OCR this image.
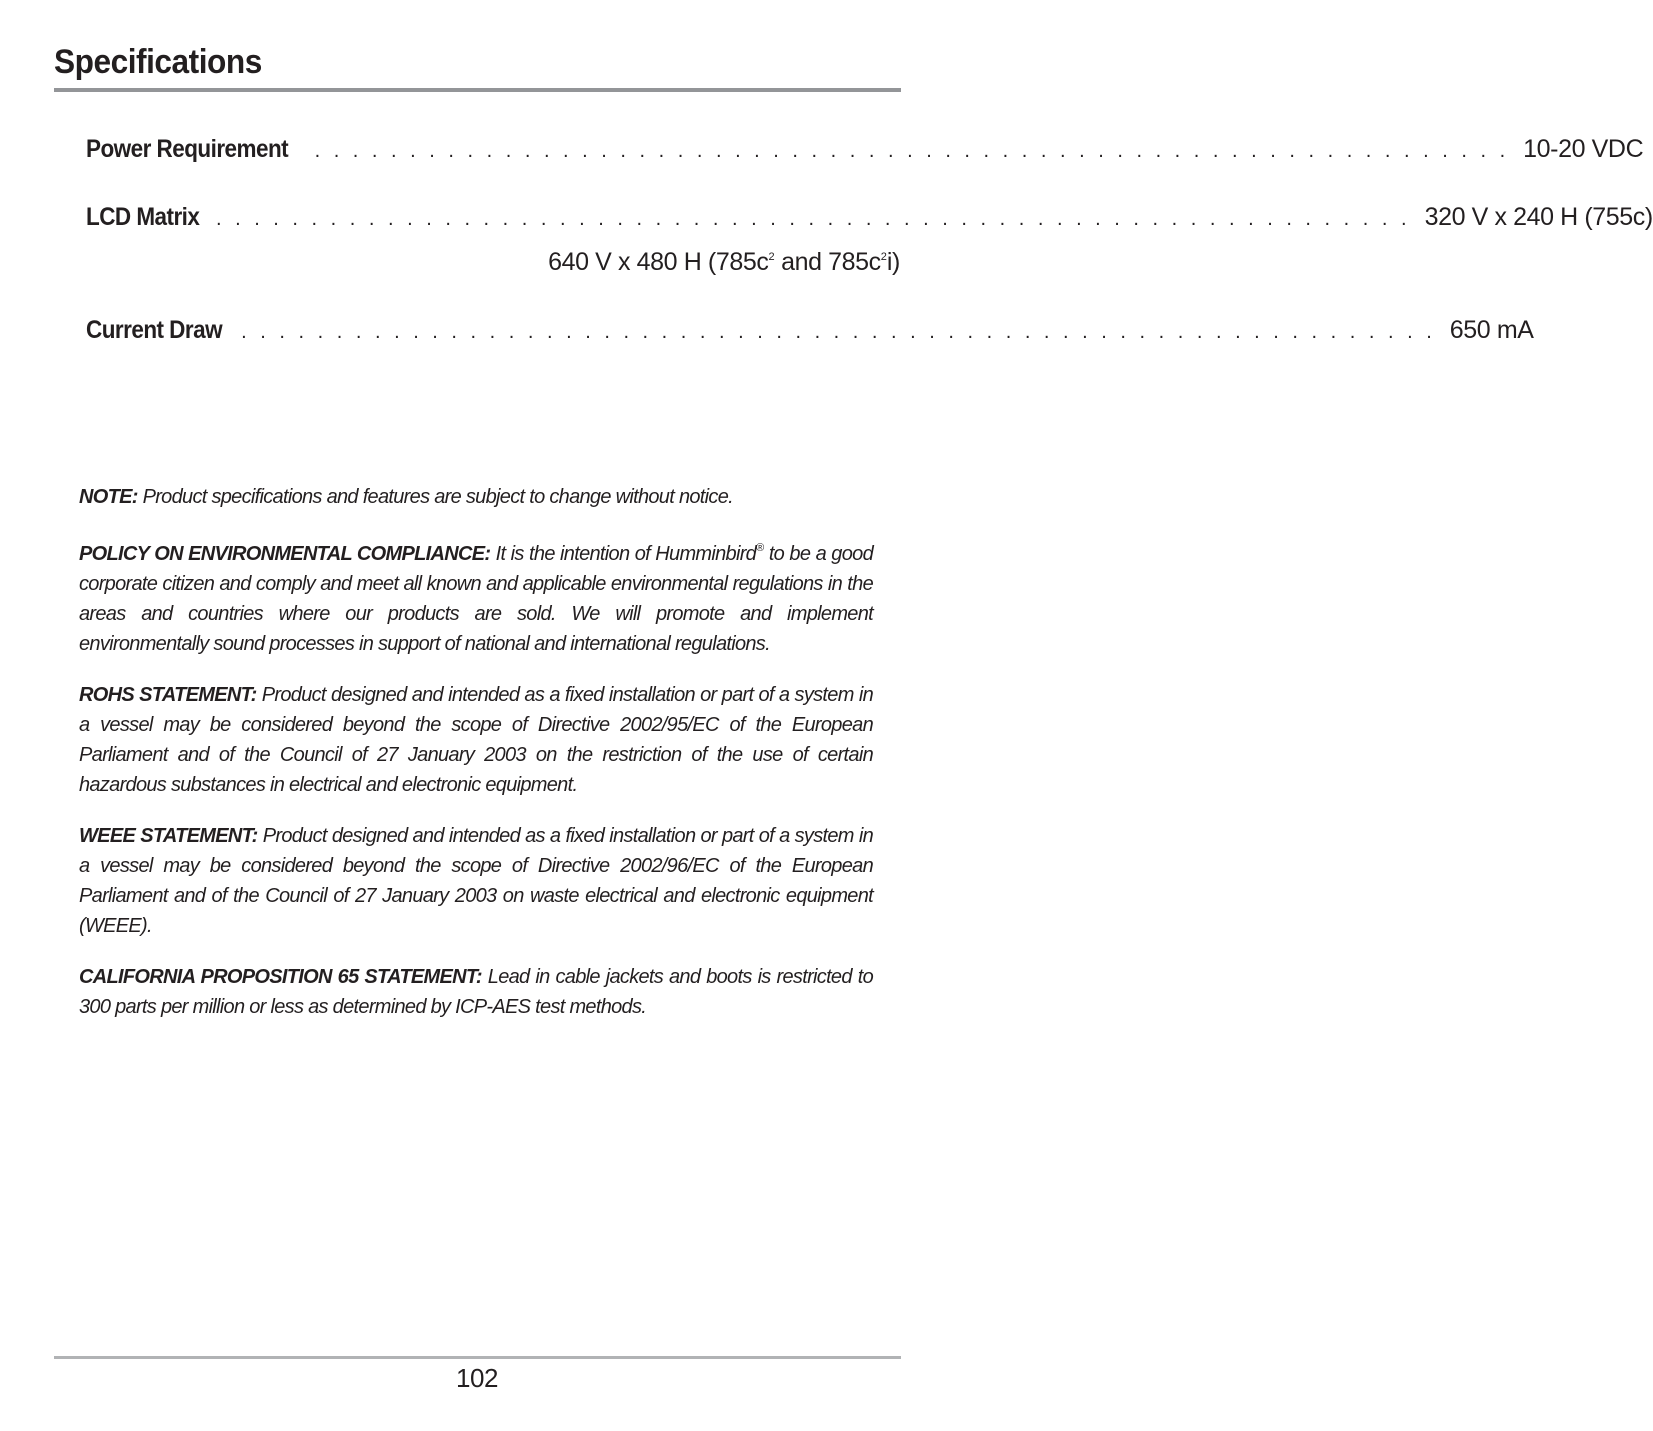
Specifications
Power Requirement . . . . . . . . . . . . . . . . . . . . . . . . . . . . . . . . . . . . . . . . . . . . . . . . . . . . . . . . . . . . . . . 10-20 VDC
LCD Matrix . . . . . . . . . . . . . . . . . . . . . . . . . . . . . . . . . . . . . . . . . . . . . . . . . . . . . . . . . . . . . . . 320 V x 240 H (755c)
640 V x 480 H ($785c^2$ and $785c^2i$)
Current Draw . . . . . . . . . . . . . . . . . . . . . . . . . . . . . . . . . . . . . . . . . . . . . . . . . . . . . . . . . . . . . . . 650 mA

NOTE: Product specifications and features are subject to change without notice.

POLICY ON ENVIRONMENTAL COMPLIANCE: It is the intention of Humminbird® to be a good corporate citizen and comply and meet all known and applicable environmental regulations in the areas and countries where our products are sold. We will promote and implement environmentally sound processes in support of national and international regulations.

ROHS STATEMENT: Product designed and intended as a fixed installation or part of a system in a vessel may be considered beyond the scope of Directive 2002/95/EC of the European Parliament and of the Council of 27 January 2003 on the restriction of the use of certain hazardous substances in electrical and electronic equipment.

WEEE STATEMENT: Product designed and intended as a fixed installation or part of a system in a vessel may be considered beyond the scope of Directive 2002/96/EC of the European Parliament and of the Council of 27 January 2003 on waste electrical and electronic equipment (WEEE).

CALIFORNIA PROPOSITION 65 STATEMENT: Lead in cable jackets and boots is restricted to 300 parts per million or less as determined by ICP-AES test methods.

102
